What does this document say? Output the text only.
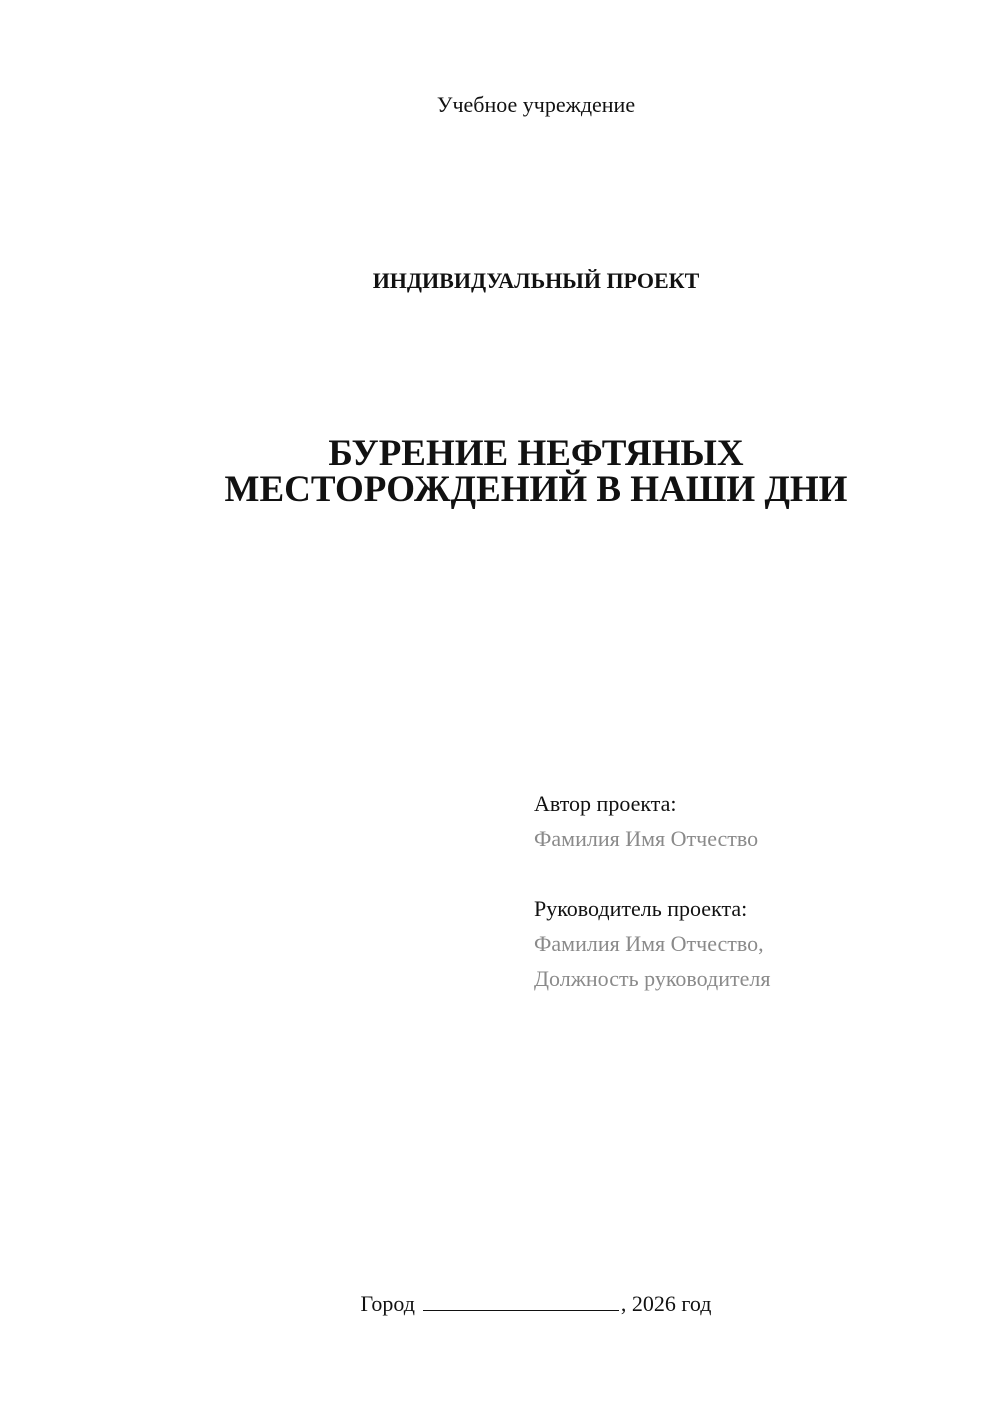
Учебное учреждение
ИНДИВИДУАЛЬНЫЙ ПРОЕКТ
БУРЕНИЕ НЕФТЯНЫХ
МЕСТОРОЖДЕНИЙ В НАШИ ДНИ
Автор проекта:
Фамилия Имя Отчество
Руководитель проекта:
Фамилия Имя Отчество,
Должность руководителя
Город	, 2026 год
